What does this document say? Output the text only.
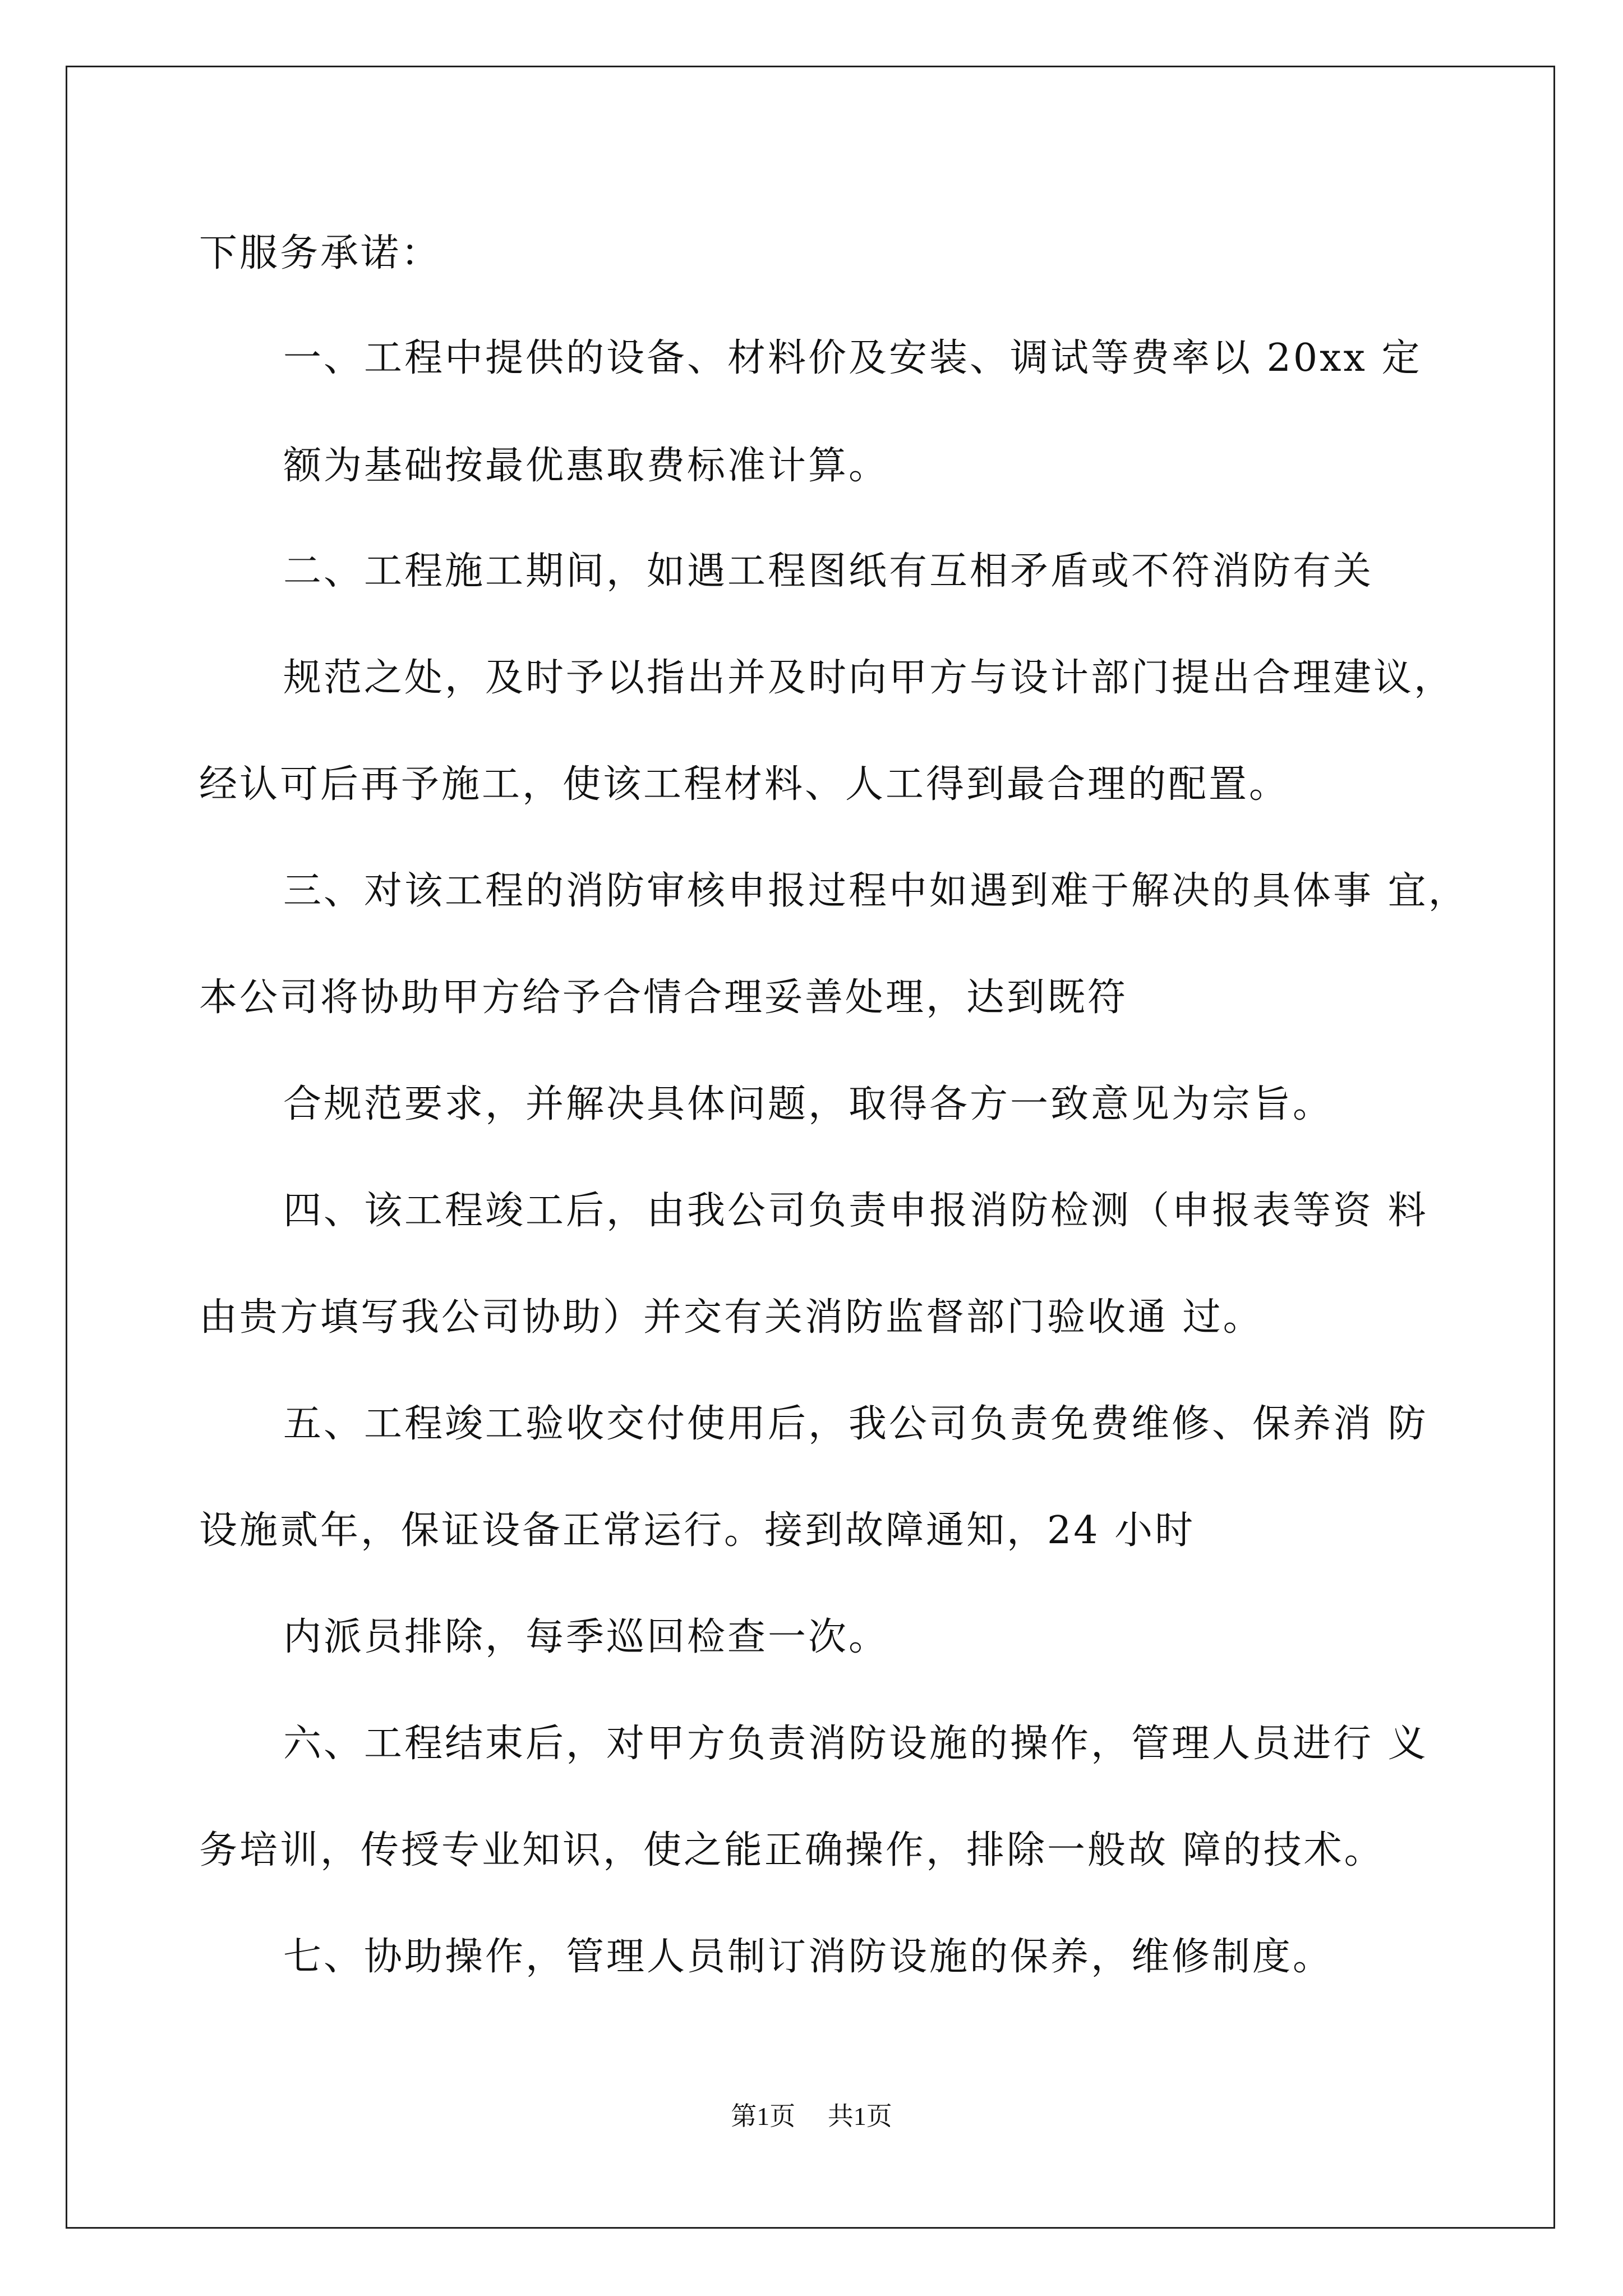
下服务承诺：
一、工程中提供的设备、材料价及安装、调试等费率以 20xx 定
额为基础按最优惠取费标准计算。
二、工程施工期间，如遇工程图纸有互相矛盾或不符消防有关
规范之处，及时予以指出并及时向甲方与设计部门提出合理建议，
经认可后再予施工，使该工程材料、人工得到最合理的配置。
三、对该工程的消防审核申报过程中如遇到难于解决的具体事 宜，
本公司将协助甲方给予合情合理妥善处理，达到既符
合规范要求，并解决具体问题，取得各方一致意见为宗旨。
四、该工程竣工后，由我公司负责申报消防检测（申报表等资 料
由贵方填写我公司协助）并交有关消防监督部门验收通 过。
五、工程竣工验收交付使用后，我公司负责免费维修、保养消 防
设施贰年，保证设备正常运行。接到故障通知，24 小时
内派员排除，每季巡回检查一次。
六、工程结束后，对甲方负责消防设施的操作，管理人员进行 义
务培训，传授专业知识，使之能正确操作，排除一般故 障的技术。
七、协助操作，管理人员制订消防设施的保养，维修制度。
第1页 共1页
